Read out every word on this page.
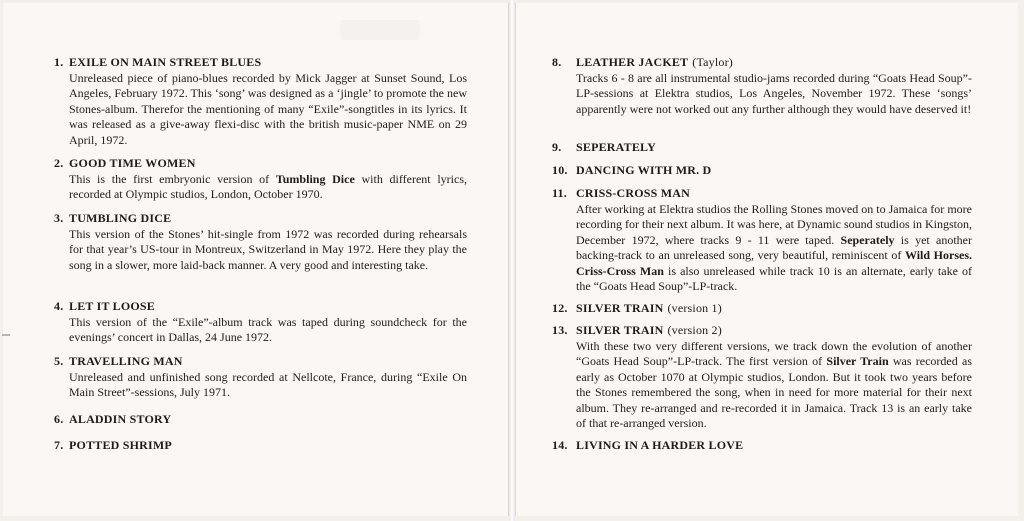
1. EXILE ON MAIN STREET BLUES
Unreleased piece of piano-blues recorded by Mick Jagger at Sunset Sound, Los Angeles, February 1972. This ‘song’ was designed as a ‘jingle’ to promote the new Stones-album. Therefor the mentioning of many “Exile”-songtitles in its lyrics. It was released as a give-away flexi-disc with the british music-paper NME on 29 April, 1972.
2. GOOD TIME WOMEN
This is the first embryonic version of Tumbling Dice with different lyrics, recorded at Olympic studios, London, October 1970.
3. TUMBLING DICE
This version of the Stones’ hit-single from 1972 was recorded during rehearsals for that year’s US-tour in Montreux, Switzerland in May 1972. Here they play the song in a slower, more laid-back manner. A very good and interesting take.
4. LET IT LOOSE
This version of the “Exile”-album track was taped during soundcheck for the evenings’ concert in Dallas, 24 June 1972.
5. TRAVELLING MAN
Unreleased and unfinished song recorded at Nellcote, France, during “Exile On Main Street”-sessions, July 1971.
6. ALADDIN STORY
7. POTTED SHRIMP
8.	LEATHER JACKET (Taylor)
Tracks 6 - 8 are all instrumental studio-jams recorded during “Goats Head Soup”-LP-sessions at Elektra studios, Los Angeles, November 1972. These ‘songs’ apparently were not worked out any further although they would have deserved it!
9.	SEPERATELY
10. DANCING WITH MR. D
11. CRISS-CROSS MAN
After working at Elektra studios the Rolling Stones moved on to Jamaica for more recording for their next album. It was here, at Dynamic sound studios in Kingston, December 1972, where tracks 9 - 11 were taped. Seperately is yet another backing-track to an unreleased song, very beautiful, reminiscent of Wild Horses. Criss-Cross Man is also unreleased while track 10 is an alternate, early take of the “Goats Head Soup”-LP-track.
12. SILVER TRAIN (version 1)
13. SILVER TRAIN (version 2)
With these two very different versions, we track down the evolution of another “Goats Head Soup”-LP-track. The first version of Silver Train was recorded as early as October 1070 at Olympic studios, London. But it took two years before the Stones remembered the song, when in need for more material for their next album. They re-arranged and re-recorded it in Jamaica. Track 13 is an early take of that re-arranged version.
14. LIVING IN A HARDER LOVE
